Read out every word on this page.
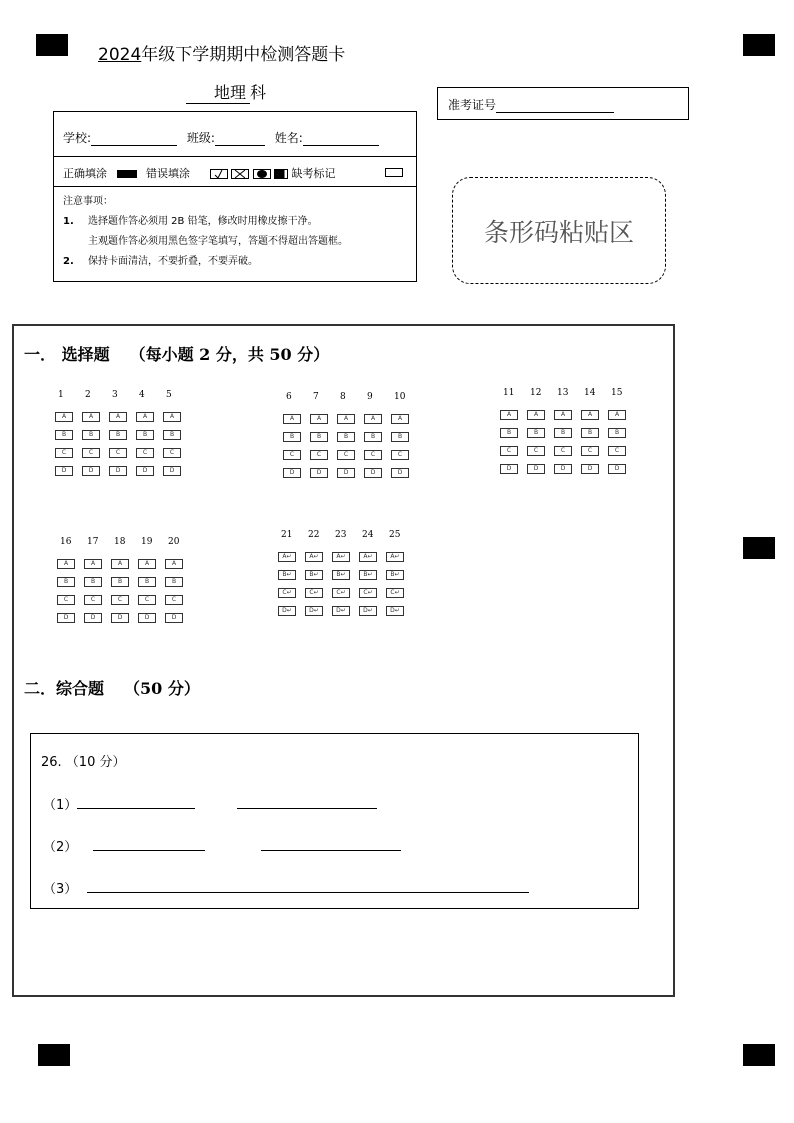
2024年级下学期期中检测答题卡
地理 科
学校:	班级:	姓名:
正确填涂	错误填涂	缺考标记
注意事项：
1.	选择题作答必须用 2B 铅笔，修改时用橡皮擦干净。
主观题作答必须用黑色签字笔填写，答题不得超出答题框。
2.	保持卡面清洁，不要折叠，不要弄破。
准考证号
条形码粘贴区
一． 选择题 （每小题 2 分，共 50 分）
1	2	3	4	5
A	A	A	A	A
B	B	B	B	B
C	C	C	C	C
D	D	D	D	D
6	7	8	9	10
A	A	A	A	A
B	B	B	B	B
C	C	C	C	C
D	D	D	D	D
11	12	13	14	15
A	A	A	A	A
B	B	B	B	B
C	C	C	C	C
D	D	D	D	D
16	17	18	19	20
A	A	A	A	A
B	B	B	B	B
C	C	C	C	C
D	D	D	D	D
21	22	23	24	25
A↵	A↵	A↵	A↵	A↵
B↵	B↵	B↵	B↵	B↵
C↵	C↵	C↵	C↵	C↵
D↵	D↵	D↵	D↵	D↵
二．综合题 （50 分）
26. （10 分）
（1）
（2）
（3）
